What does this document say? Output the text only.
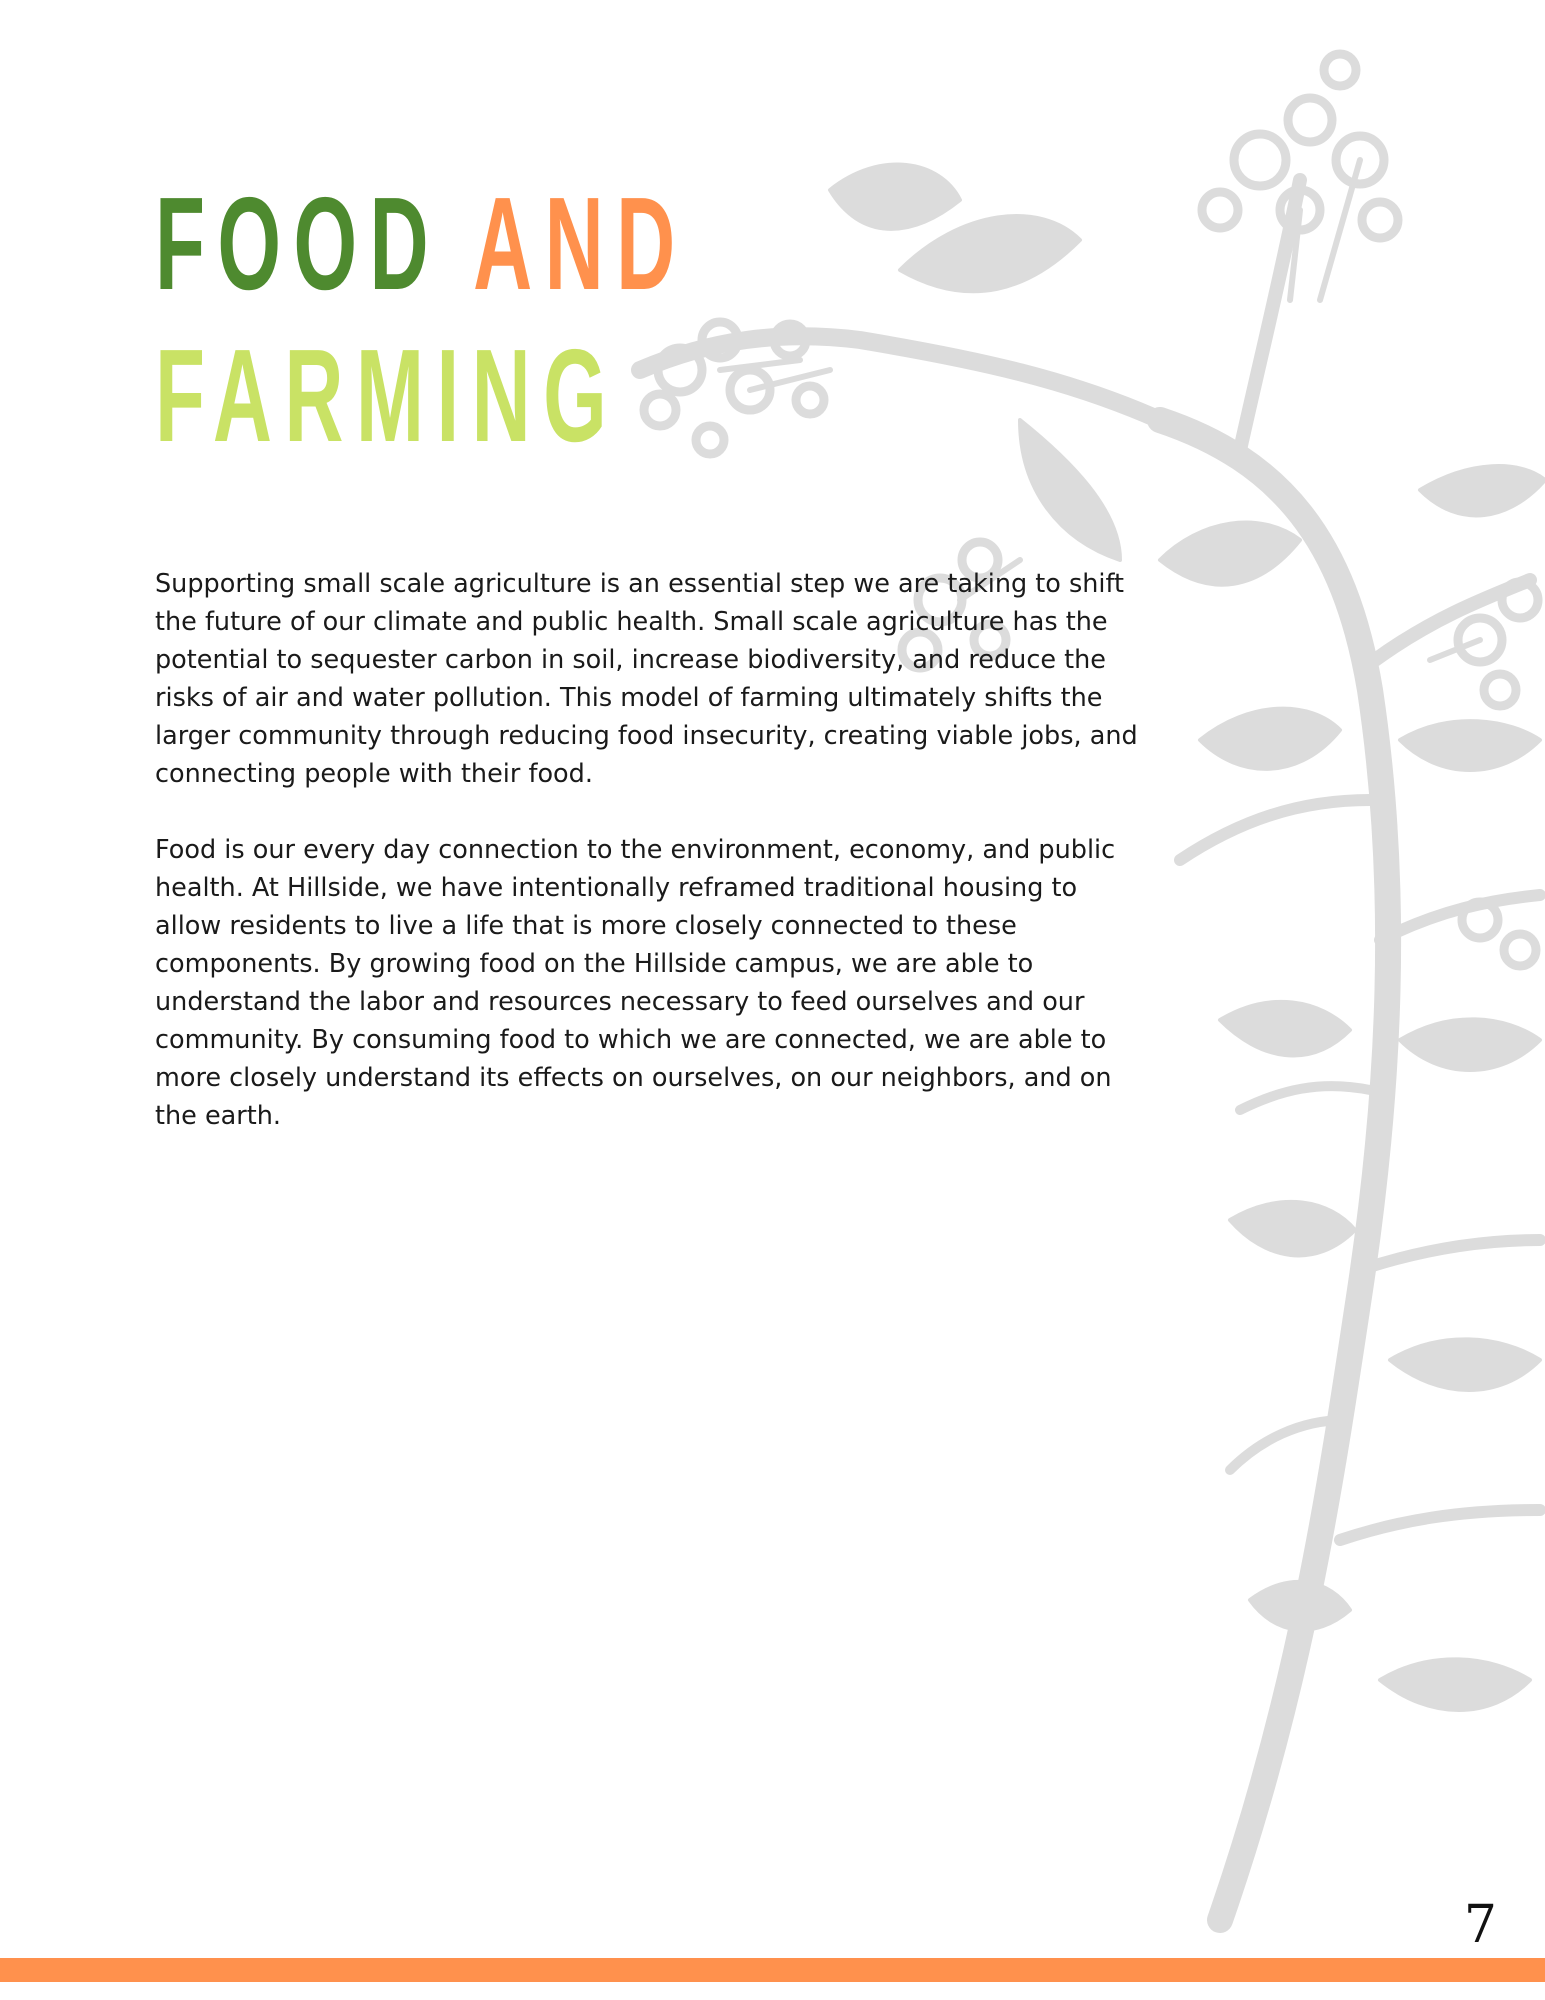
FOOD AND
FARMING

Supporting small scale agriculture is an essential step we are taking to shift the future of our climate and public health. Small scale agriculture has the potential to sequester carbon in soil, increase biodiversity, and reduce the risks of air and water pollution. This model of farming ultimately shifts the larger community through reducing food insecurity, creating viable jobs, and connecting people with their food.

Food is our every day connection to the environment, economy, and public health. At Hillside, we have intentionally reframed traditional housing to allow residents to live a life that is more closely connected to these components. By growing food on the Hillside campus, we are able to understand the labor and resources necessary to feed ourselves and our community. By consuming food to which we are connected, we are able to more closely understand its effects on ourselves, on our neighbors, and on the earth.

7
